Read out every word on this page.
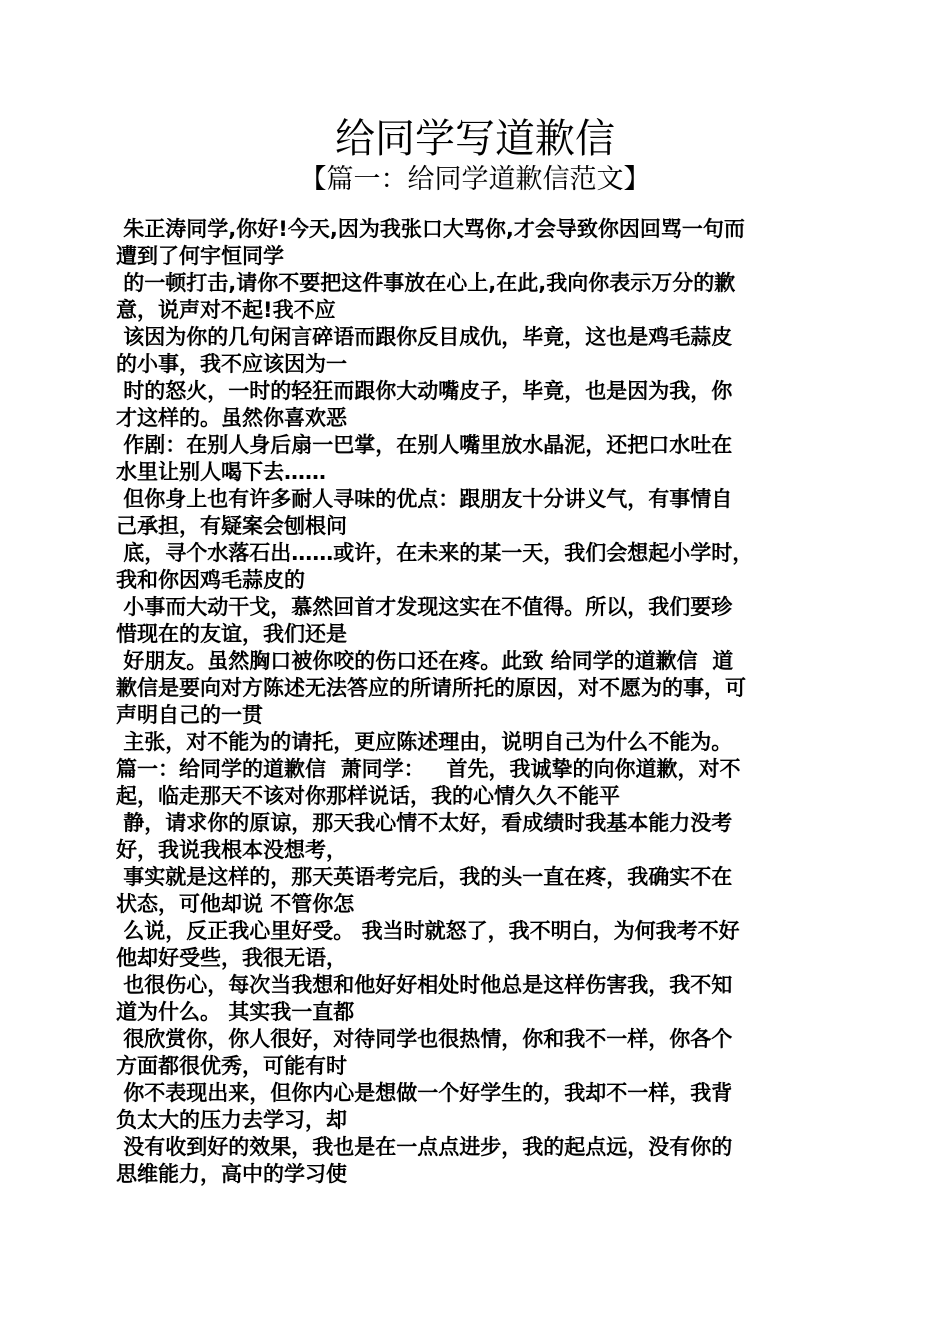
给同学写道歉信
【篇一：给同学道歉信范文】
朱正涛同学,你好!今天,因为我张口大骂你,才会导致你因回骂一句而
遭到了何宇恒同学
的一顿打击,请你不要把这件事放在心上,在此,我向你表示万分的歉
意，说声对不起!我不应
该因为你的几句闲言碎语而跟你反目成仇，毕竟，这也是鸡毛蒜皮
的小事，我不应该因为一
时的怒火，一时的轻狂而跟你大动嘴皮子，毕竟，也是因为我，你
才这样的。虽然你喜欢恶
作剧：在别人身后扇一巴掌，在别人嘴里放水晶泥，还把口水吐在
水里让别人喝下去……
但你身上也有许多耐人寻味的优点：跟朋友十分讲义气，有事情自
己承担，有疑案会刨根问
底，寻个水落石出……或许，在未来的某一天，我们会想起小学时，
我和你因鸡毛蒜皮的
小事而大动干戈，慕然回首才发现这实在不值得。所以，我们要珍
惜现在的友谊，我们还是
好朋友。虽然胸口被你咬的伤口还在疼。此致 给同学的道歉信  道
歉信是要向对方陈述无法答应的所请所托的原因，对不愿为的事，可
声明自己的一贯
主张，对不能为的请托，更应陈述理由，说明自己为什么不能为。
篇一：给同学的道歉信  萧同学：   首先，我诚挚的向你道歉，对不
起，临走那天不该对你那样说话，我的心情久久不能平
静，请求你的原谅，那天我心情不太好，看成绩时我基本能力没考
好，我说我根本没想考，
事实就是这样的，那天英语考完后，我的头一直在疼，我确实不在
状态，可他却说 不管你怎
么说，反正我心里好受。 我当时就怒了，我不明白，为何我考不好
他却好受些，我很无语，
也很伤心，每次当我想和他好好相处时他总是这样伤害我，我不知
道为什么。 其实我一直都
很欣赏你，你人很好，对待同学也很热情，你和我不一样，你各个
方面都很优秀，可能有时
你不表现出来，但你内心是想做一个好学生的，我却不一样，我背
负太大的压力去学习，却
没有收到好的效果，我也是在一点点进步，我的起点远，没有你的
思维能力，高中的学习使
